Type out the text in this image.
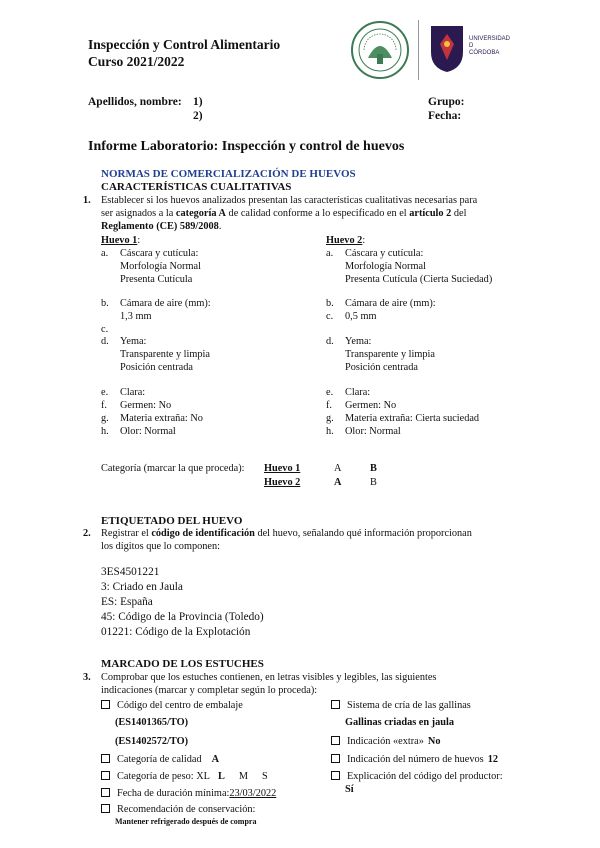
Inspección y Control Alimentario
Curso 2021/2022
UNIVERSIDAD
D
CÓRDOBA
Apellidos, nombre: 1)
2)
Grupo:
Fecha:
Informe Laboratorio: Inspección y control de huevos
NORMAS DE COMERCIALIZACIÓN DE HUEVOS
CARACTERÍSTICAS CUALITATIVAS
1. Establecer si los huevos analizados presentan las características cualitativas necesarias para
ser asignados a la categoría A de calidad conforme a lo especificado en el artículo 2 del
Reglamento (CE) 589/2008.
Huevo 1:
a. Cáscara y cutícula:
Morfología Normal
Presenta Cutícula
b. Cámara de aire (mm):
1,3 mm
c.
d. Yema:
Transparente y limpia
Posición centrada
e. Clara:
f. Germen: No
g. Materia extraña: No
h. Olor: Normal
Huevo 2:
a. Cáscara y cutícula:
Morfología Normal
Presenta Cutícula (Cierta Suciedad)
b. Cámara de aire (mm):
c. 0,5 mm
d. Yema:
Transparente y limpia
Posición centrada
e. Clara:
f. Germen: No
g. Materia extraña: Cierta suciedad
h. Olor: Normal
Categoría (marcar la que proceda): Huevo 1	A	B
Huevo 2	A	B
ETIQUETADO DEL HUEVO
2. Registrar el código de identificación del huevo, señalando qué información proporcionan
los dígitos que lo componen:
3ES4501221
3: Criado en Jaula
ES: España
45: Código de la Provincia (Toledo)
01221: Código de la Explotación
MARCADO DE LOS ESTUCHES
3. Comprobar que los estuches contienen, en letras visibles y legibles, las siguientes
indicaciones (marcar y completar según lo proceda):
Código del centro de embalaje
(ES1401365/TO)
(ES1402572/TO)
Categoría de calidad A
Categoría de peso: XL L M S
Fecha de duración mínima:23/03/2022
Recomendación de conservación:
Mantener refrigerado después de compra
Sistema de cría de las gallinas
Gallinas criadas en jaula
Indicación «extra» No
Indicación del número de huevos 12
Explicación del código del productor:
Sí
